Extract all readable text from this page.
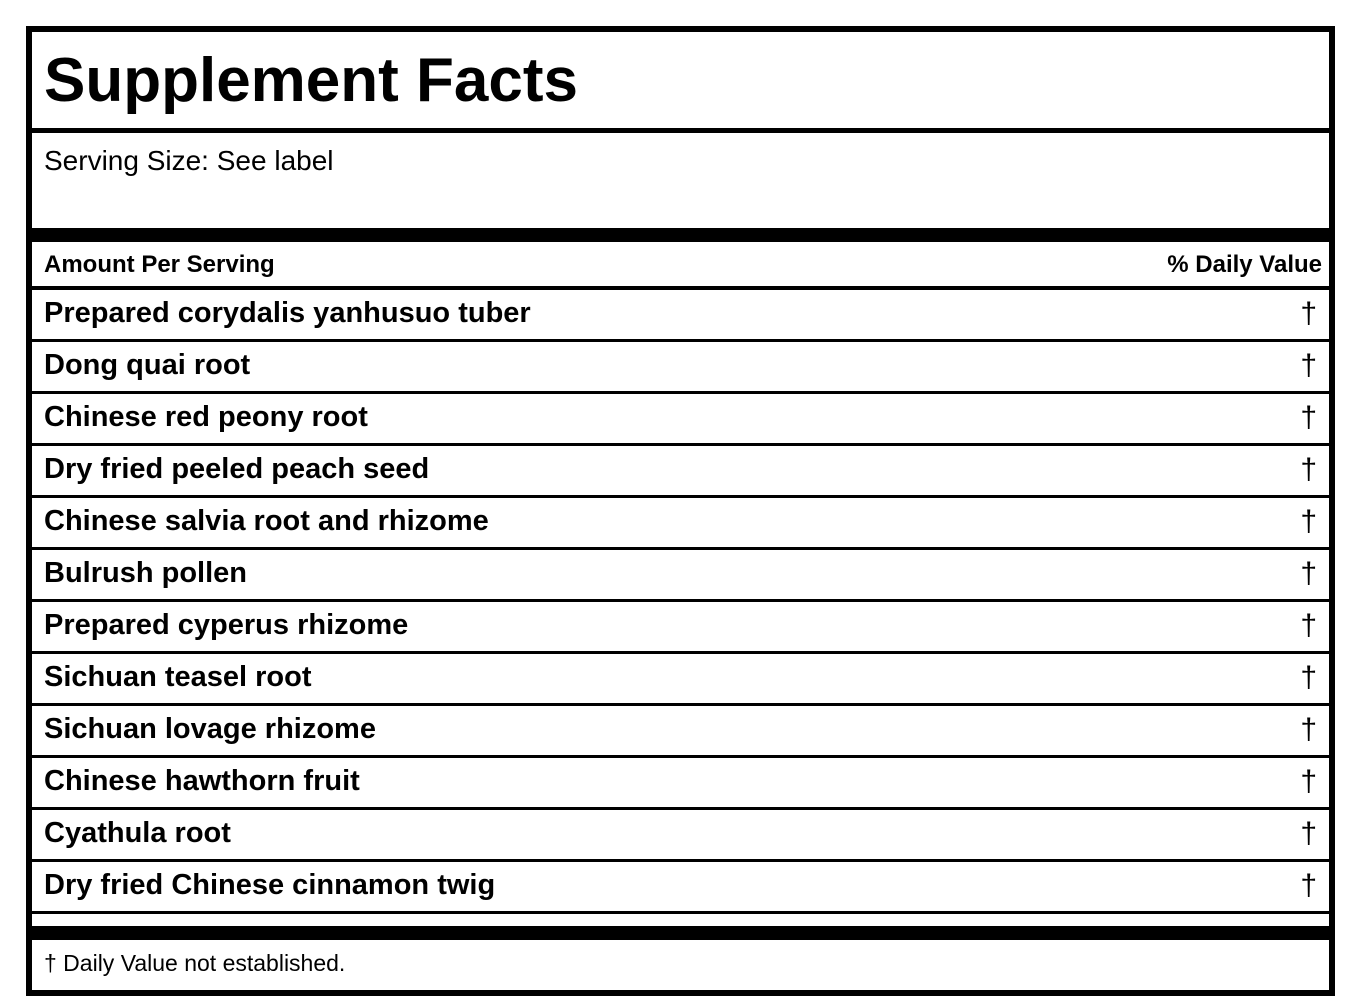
Supplement Facts
Serving Size: See label
Amount Per Serving	% Daily Value
Prepared corydalis yanhusuo tuber	†
Dong quai root	†
Chinese red peony root	†
Dry fried peeled peach seed	†
Chinese salvia root and rhizome	†
Bulrush pollen	†
Prepared cyperus rhizome	†
Sichuan teasel root	†
Sichuan lovage rhizome	†
Chinese hawthorn fruit	†
Cyathula root	†
Dry fried Chinese cinnamon twig	†
† Daily Value not established.
